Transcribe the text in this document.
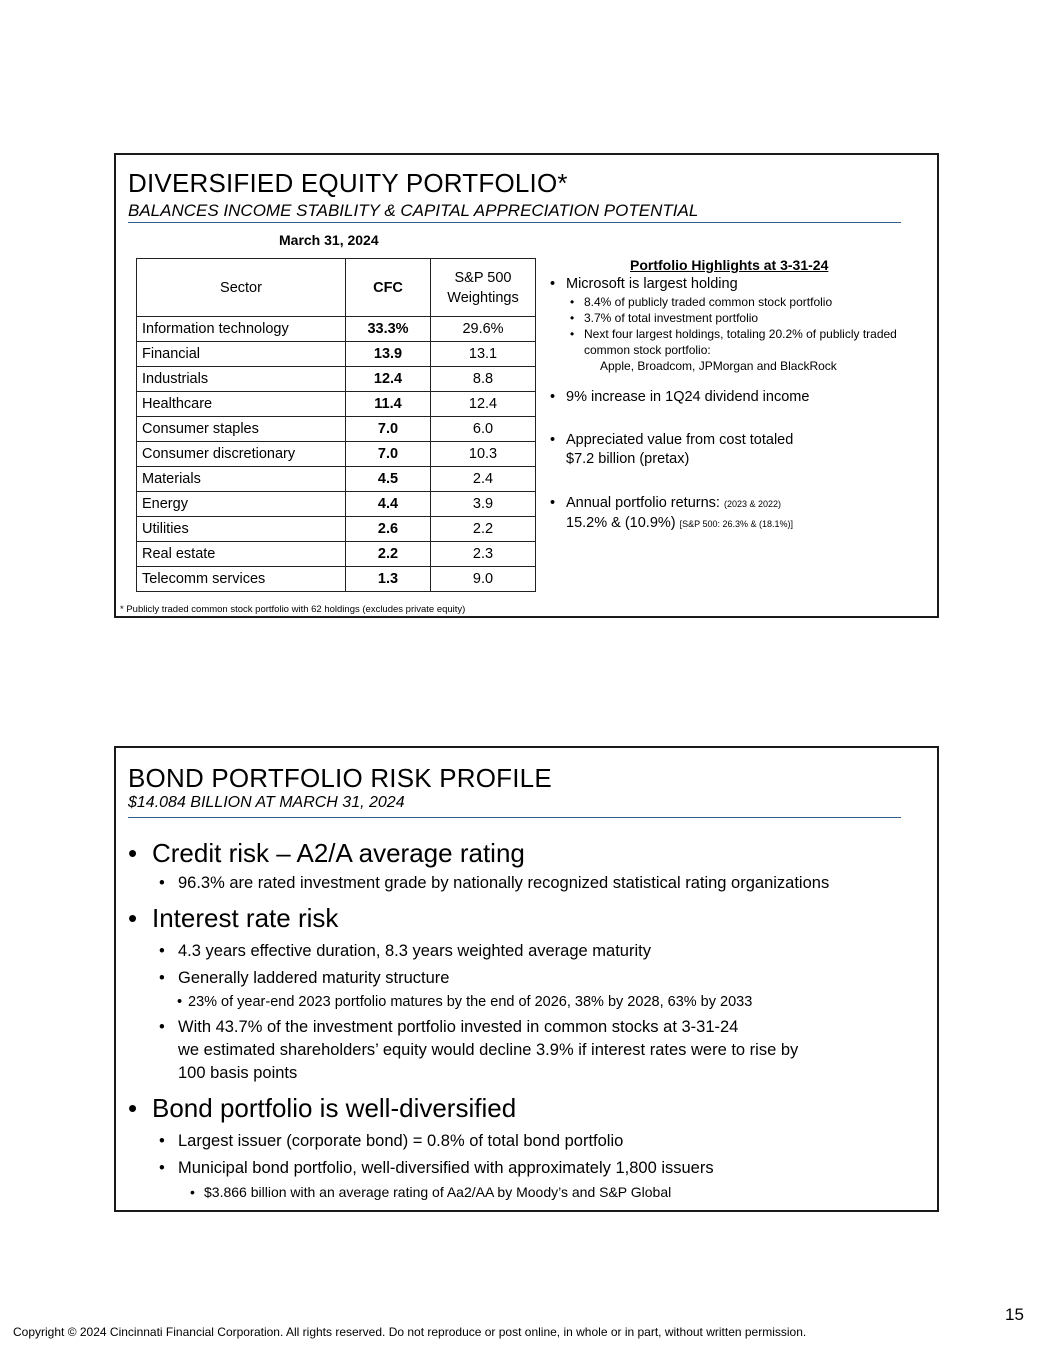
DIVERSIFIED EQUITY PORTFOLIO*
BALANCES INCOME STABILITY & CAPITAL APPRECIATION POTENTIAL
March 31, 2024
Sector	CFC	S&P 500
Weightings
Information technology	33.3%	29.6%
Financial	13.9	13.1
Industrials	12.4	8.8
Healthcare	11.4	12.4
Consumer staples	7.0	6.0
Consumer discretionary	7.0	10.3
Materials	4.5	2.4
Energy	4.4	3.9
Utilities	2.6	2.2
Real estate	2.2	2.3
Telecomm services	1.3	9.0
* Publicly traded common stock portfolio with 62 holdings (excludes private equity)
Portfolio Highlights at 3-31-24
• Microsoft is largest holding
• 8.4% of publicly traded common stock portfolio
• 3.7% of total investment portfolio
• Next four largest holdings, totaling 20.2% of publicly traded common stock portfolio:
Apple, Broadcom, JPMorgan and BlackRock
• 9% increase in 1Q24 dividend income
• Appreciated value from cost totaled
$7.2 billion (pretax)
• Annual portfolio returns: (2023 & 2022)
15.2% & (10.9%) [S&P 500: 26.3% & (18.1%)]
BOND PORTFOLIO RISK PROFILE
$14.084 BILLION AT MARCH 31, 2024
• Credit risk – A2/A average rating
• 96.3% are rated investment grade by nationally recognized statistical rating organizations
• Interest rate risk
• 4.3 years effective duration, 8.3 years weighted average maturity
• Generally laddered maturity structure
• 23% of year-end 2023 portfolio matures by the end of 2026, 38% by 2028, 63% by 2033
• With 43.7% of the investment portfolio invested in common stocks at 3-31-24
we estimated shareholders’ equity would decline 3.9% if interest rates were to rise by
100 basis points
• Bond portfolio is well-diversified
• Largest issuer (corporate bond) = 0.8% of total bond portfolio
• Municipal bond portfolio, well-diversified with approximately 1,800 issuers
• $3.866 billion with an average rating of Aa2/AA by Moody’s and S&P Global
15
Copyright © 2024 Cincinnati Financial Corporation. All rights reserved. Do not reproduce or post online, in whole or in part, without written permission.
